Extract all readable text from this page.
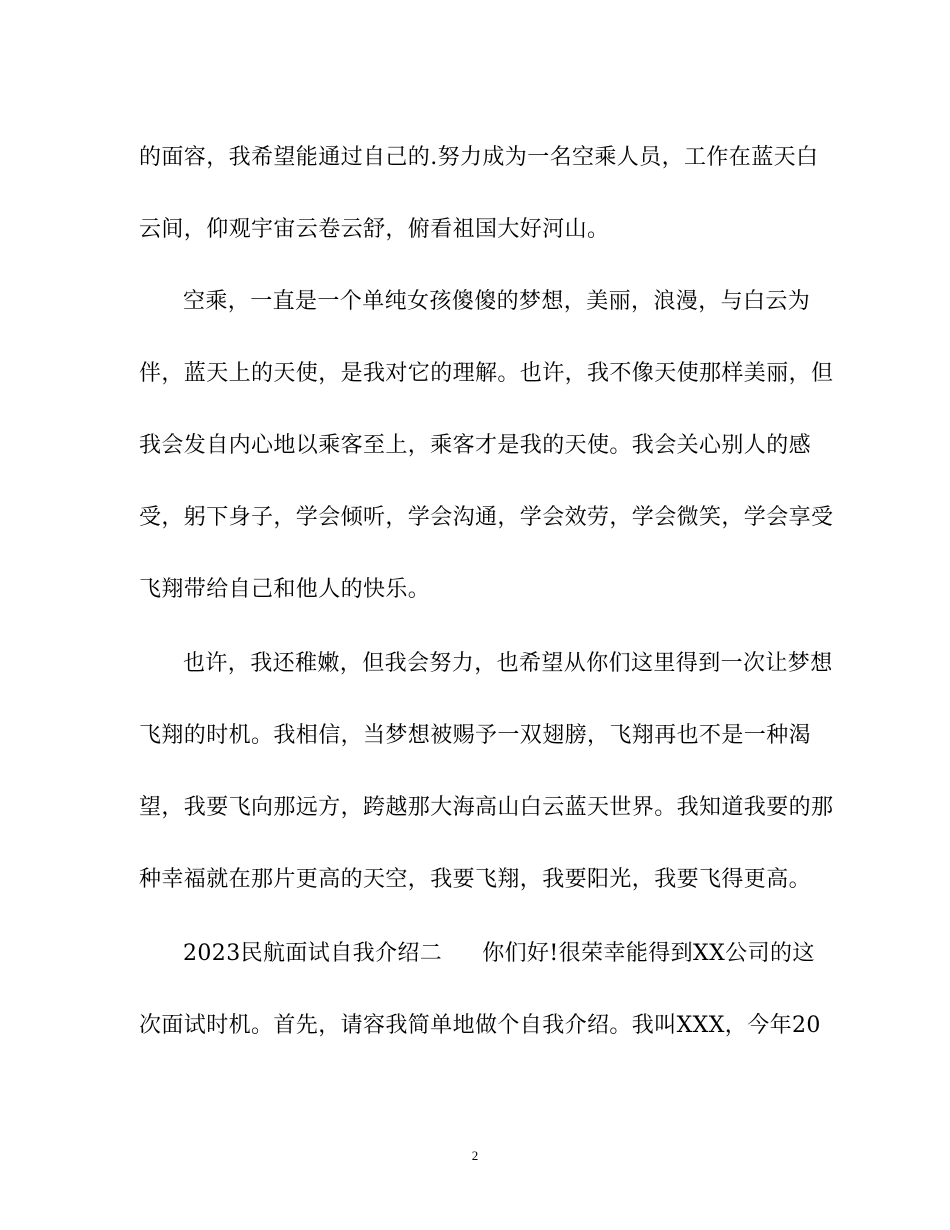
的面容，我希望能通过自己的.努力成为一名空乘人员，工作在蓝天白
云间，仰观宇宙云卷云舒，俯看祖国大好河山。
空乘，一直是一个单纯女孩傻傻的梦想，美丽，浪漫，与白云为
伴，蓝天上的天使，是我对它的理解。也许，我不像天使那样美丽，但
我会发自内心地以乘客至上，乘客才是我的天使。我会关心别人的感
受，躬下身子，学会倾听，学会沟通，学会效劳，学会微笑，学会享受
飞翔带给自己和他人的快乐。
也许，我还稚嫩，但我会努力，也希望从你们这里得到一次让梦想
飞翔的时机。我相信，当梦想被赐予一双翅膀，飞翔再也不是一种渴
望，我要飞向那远方，跨越那大海高山白云蓝天世界。我知道我要的那
种幸福就在那片更高的天空，我要飞翔，我要阳光，我要飞得更高。
2023民航面试自我介绍二 你们好!很荣幸能得到XX公司的这
次面试时机。首先，请容我简单地做个自我介绍。我叫XXX，今年20
2
